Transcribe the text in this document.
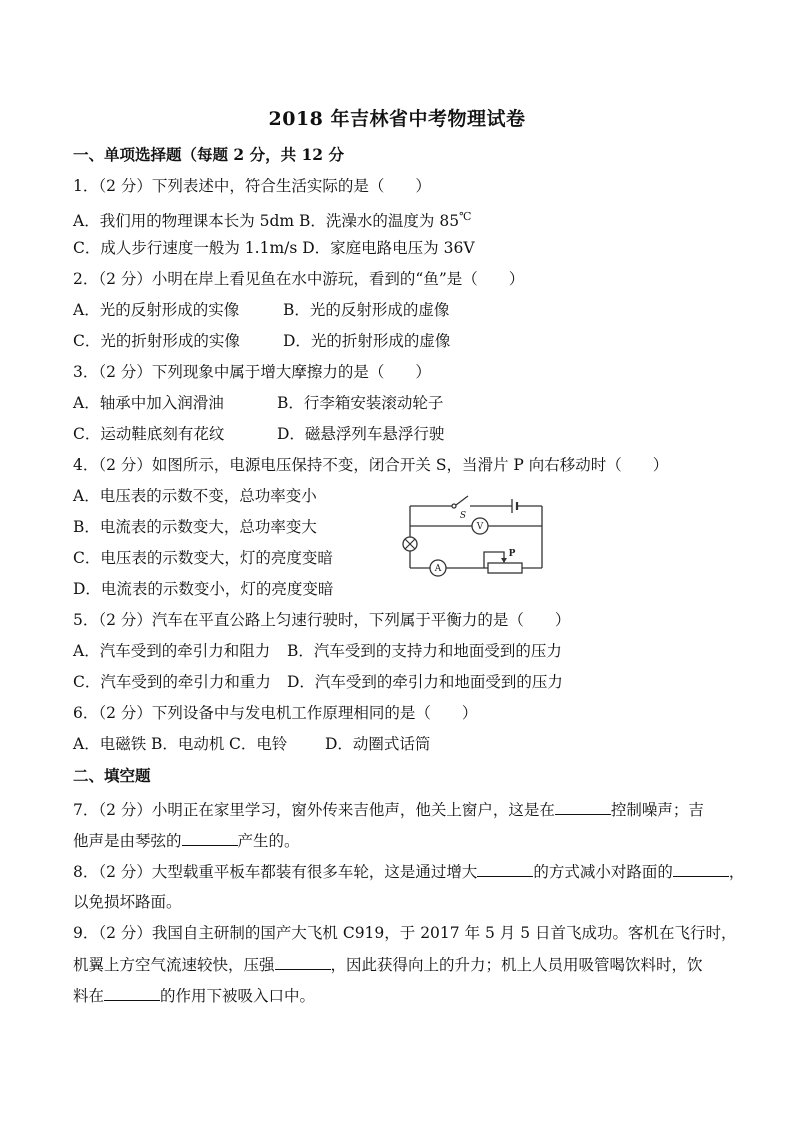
2018 年吉林省中考物理试卷
一、单项选择题（每题 2 分，共 12 分
1．（2 分）下列表述中，符合生活实际的是（　　）
A．我们用的物理课本长为 5dm B．洗澡水的温度为 85℃
C．成人步行速度一般为 1.1m/s D．家庭电路电压为 36V
2．（2 分）小明在岸上看见鱼在水中游玩，看到的“鱼”是（　　）
A．光的反射形成的实像	B．光的反射形成的虚像
C．光的折射形成的实像	D．光的折射形成的虚像
3．（2 分）下列现象中属于增大摩擦力的是（　　）
A．轴承中加入润滑油	B．行李箱安装滚动轮子
C．运动鞋底刻有花纹	D．磁悬浮列车悬浮行驶
4．（2 分）如图所示，电源电压保持不变，闭合开关 S，当滑片 P 向右移动时（　　）
A．电压表的示数不变，总功率变小
B．电流表的示数变大，总功率变大
C．电压表的示数变大，灯的亮度变暗
D．电流表的示数变小，灯的亮度变暗
S
V
A
P
5．（2 分）汽车在平直公路上匀速行驶时，下列属于平衡力的是（　　）
A．汽车受到的牵引力和阻力 B．汽车受到的支持力和地面受到的压力
C．汽车受到的牵引力和重力 D．汽车受到的牵引力和地面受到的压力
6．（2 分）下列设备中与发电机工作原理相同的是（　　）
A．电磁铁 B．电动机 C．电铃 D．动圈式话筒
二、填空题
7．（2 分）小明正在家里学习，窗外传来吉他声，他关上窗户，这是在	控制噪声；吉
他声是由琴弦的	产生的。
8．（2 分）大型载重平板车都装有很多车轮，这是通过增大	的方式减小对路面的	，
以免损坏路面。
9．（2 分）我国自主研制的国产大飞机 C919，于 2017 年 5 月 5 日首飞成功。客机在飞行时，
机翼上方空气流速较快，压强	，因此获得向上的升力；机上人员用吸管喝饮料时，饮
料在	的作用下被吸入口中。
